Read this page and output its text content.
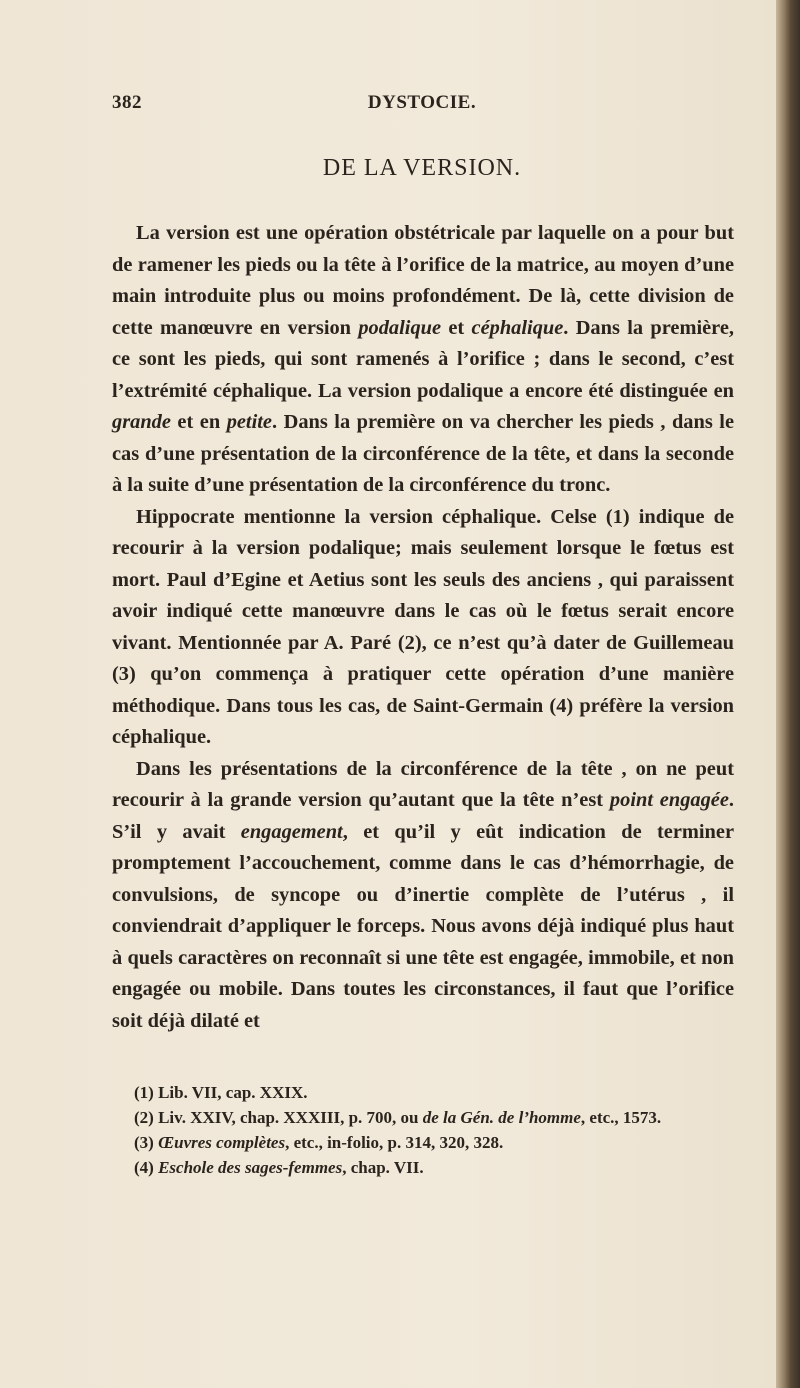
382	DYSTOCIE.
DE LA VERSION.

La version est une opération obstétricale par laquelle on a pour but de ramener les pieds ou la tête à l’orifice de la matrice, au moyen d’une main introduite plus ou moins profondément. De là, cette division de cette manœuvre en version podalique et céphalique. Dans la première, ce sont les pieds, qui sont ramenés à l’orifice ; dans le second, c’est l’extrémité céphalique. La version podalique a encore été distinguée en grande et en petite. Dans la première on va chercher les pieds , dans le cas d’une présentation de la circonférence de la tête, et dans la seconde à la suite d’une présentation de la circonférence du tronc.

Hippocrate mentionne la version céphalique. Celse (1) indique de recourir à la version podalique; mais seulement lorsque le fœtus est mort. Paul d’Egine et Aetius sont les seuls des anciens , qui paraissent avoir indiqué cette manœuvre dans le cas où le fœtus serait encore vivant. Mentionnée par A. Paré (2), ce n’est qu’à dater de Guillemeau (3) qu’on commença à pratiquer cette opération d’une manière méthodique. Dans tous les cas, de Saint-Germain (4) préfère la version céphalique.

Dans les présentations de la circonférence de la tête , on ne peut recourir à la grande version qu’autant que la tête n’est point engagée. S’il y avait engagement, et qu’il y eût indication de terminer promptement l’accouchement, comme dans le cas d’hémorrhagie, de convulsions, de syncope ou d’inertie complète de l’utérus , il conviendrait d’appliquer le forceps. Nous avons déjà indiqué plus haut à quels caractères on reconnaît si une tête est engagée, immobile, et non engagée ou mobile. Dans toutes les circonstances, il faut que l’orifice soit déjà dilaté et

(1) Lib. VII, cap. XXIX.

(2) Liv. XXIV, chap. XXXIII, p. 700, ou de la Gén. de l’homme, etc., 1573.

(3) Œuvres complètes, etc., in-folio, p. 314, 320, 328.

(4) Eschole des sages-femmes, chap. VII.
